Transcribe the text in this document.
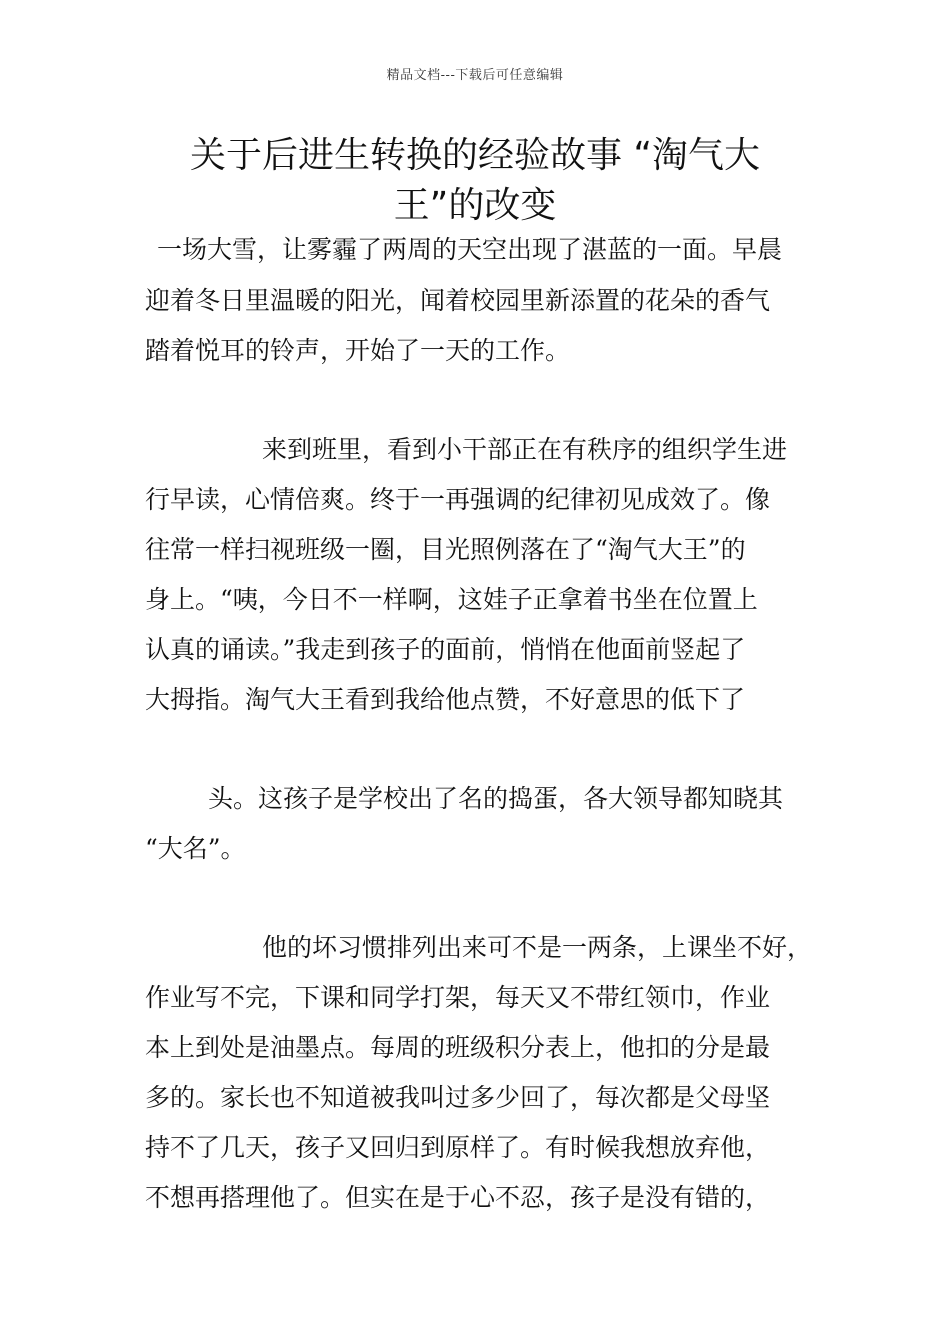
精品文档---下载后可任意编辑
关于后进生转换的经验故事 “淘气大
王”的改变
一场大雪，让雾霾了两周的天空出现了湛蓝的一面。早晨
迎着冬日里温暖的阳光，闻着校园里新添置的花朵的香气
踏着悦耳的铃声，开始了一天的工作。
来到班里，看到小干部正在有秩序的组织学生进
行早读，心情倍爽。终于一再强调的纪律初见成效了。像
往常一样扫视班级一圈，目光照例落在了“淘气大王”的
身上。“咦，今日不一样啊，这娃子正拿着书坐在位置上
认真的诵读。”我走到孩子的面前，悄悄在他面前竖起了
大拇指。淘气大王看到我给他点赞，不好意思的低下了
头。这孩子是学校出了名的捣蛋，各大领导都知晓其
“大名”。
他的坏习惯排列出来可不是一两条，上课坐不好，
作业写不完，下课和同学打架，每天又不带红领巾，作业
本上到处是油墨点。每周的班级积分表上，他扣的分是最
多的。家长也不知道被我叫过多少回了，每次都是父母坚
持不了几天，孩子又回归到原样了。有时候我想放弃他，
不想再搭理他了。但实在是于心不忍，孩子是没有错的，
